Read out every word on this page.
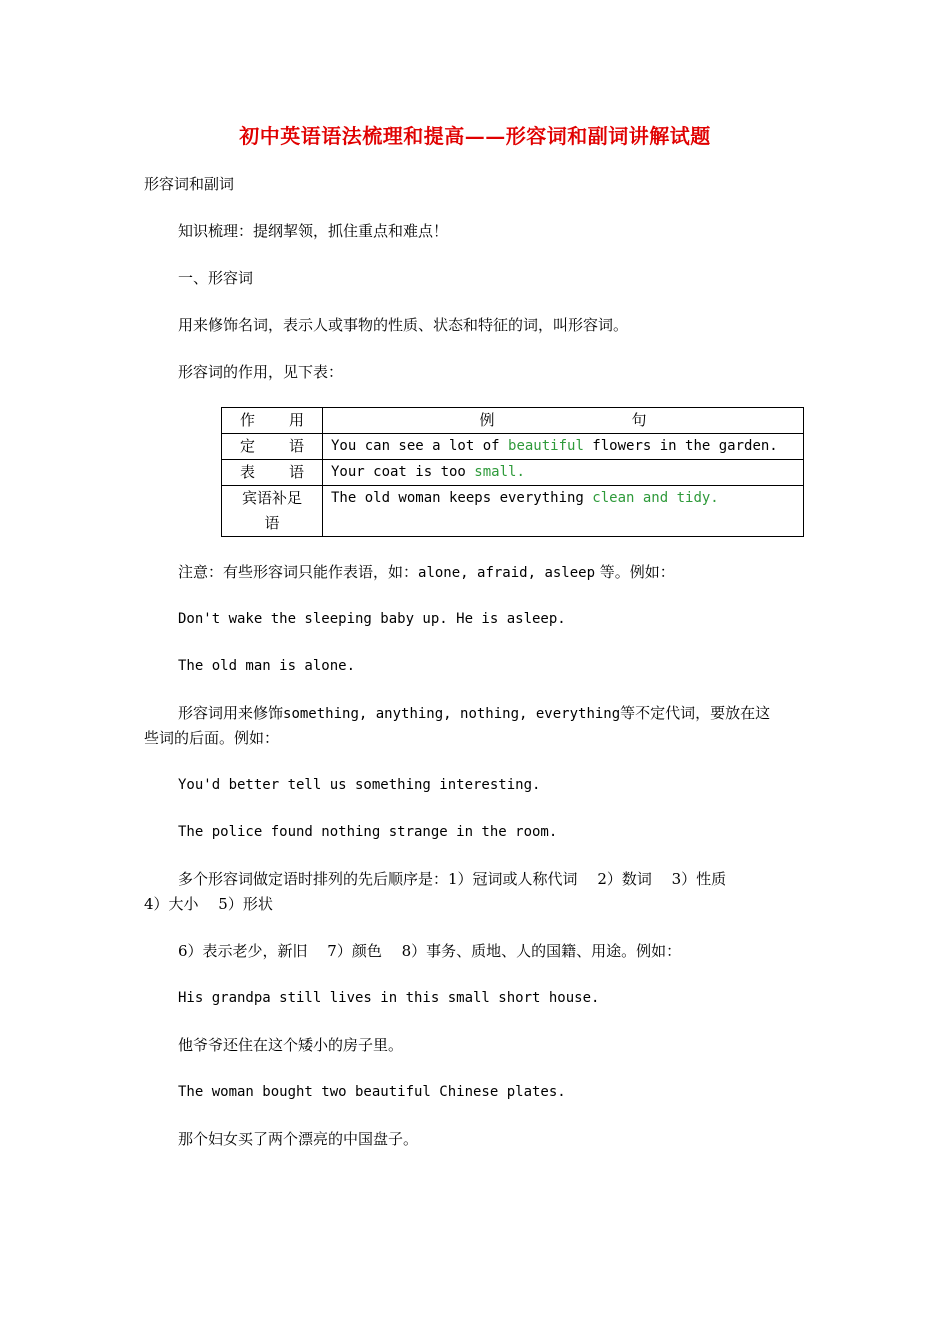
初中英语语法梳理和提高——形容词和副词讲解试题
形容词和副词
知识梳理：提纲挈领，抓住重点和难点！
一、形容词
用来修饰名词，表示人或事物的性质、状态和特征的词，叫形容词。
形容词的作用，见下表：
作 用	例 句

定 语	You can see a lot of beautiful flowers in the garden.

表 语	Your coat is too small.

宾语补足
语	The old woman keeps everything clean and tidy.
注意：有些形容词只能作表语，如：alone, afraid, asleep 等。例如：
Don't wake the sleeping baby up. He is asleep.
The old man is alone.
形容词用来修饰something, anything, nothing, everything等不定代词，要放在这
些词的后面。例如：
You'd better tell us something interesting.
The police found nothing strange in the room.
多个形容词做定语时排列的先后顺序是：1）冠词或人称代词　 2）数词　 3）性质
4）大小　 5）形状
6）表示老少，新旧　 7）颜色　 8）事务、质地、人的国籍、用途。例如：
His grandpa still lives in this small short house.
他爷爷还住在这个矮小的房子里。
The woman bought two beautiful Chinese plates.
那个妇女买了两个漂亮的中国盘子。
